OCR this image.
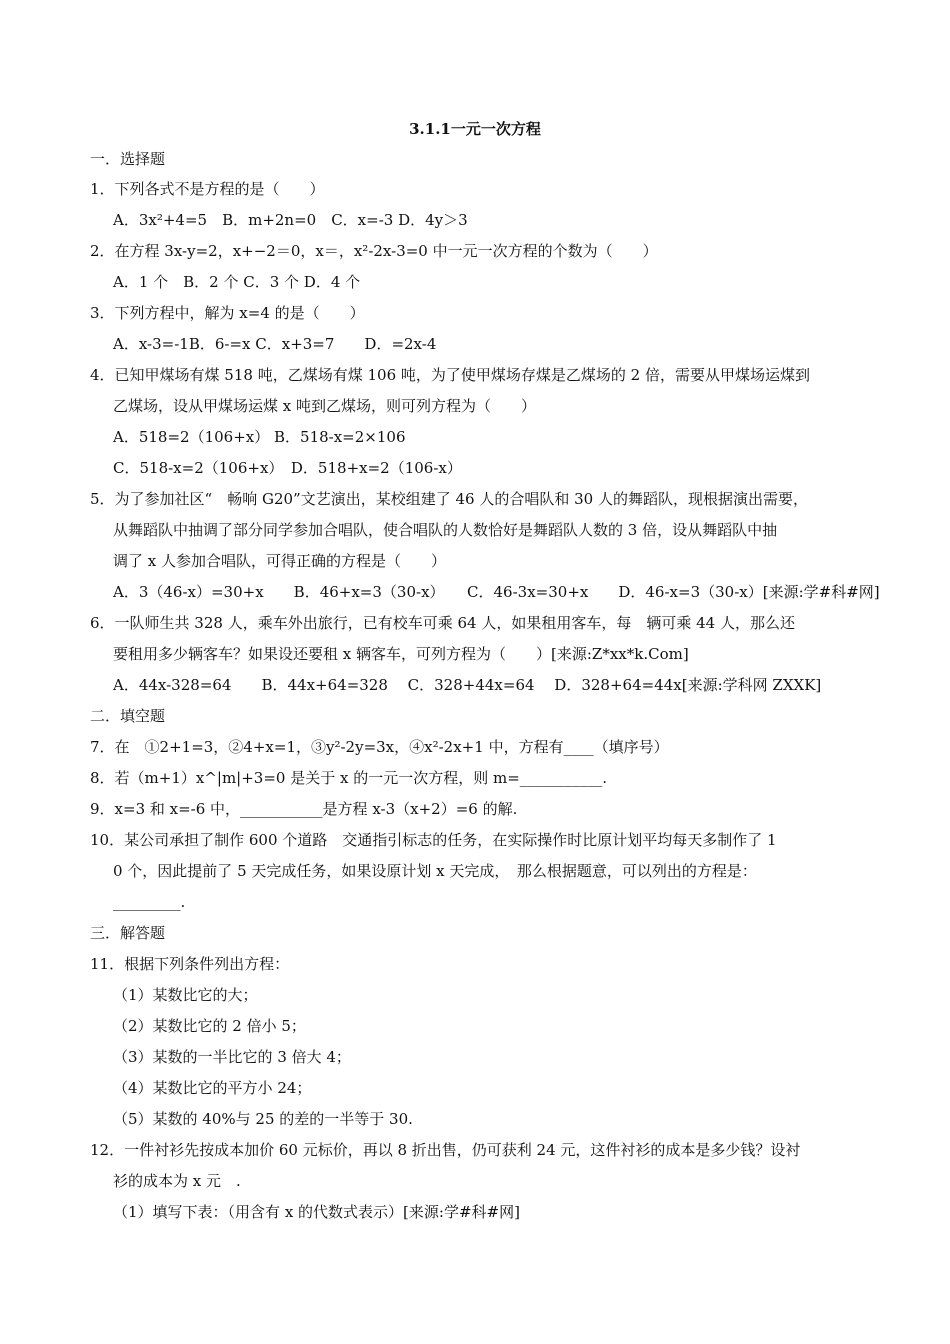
3.1.1一元一次方程
一．选择题
1．下列各式不是方程的是（　　）
A．3x²+4=5　B．m+2n=0　C．x=-3 D．4y＞3
2．在方程 3x-y=2，x+−2＝0，x＝，x²-2x-3=0 中一元一次方程的个数为（　　）
A．1 个　B．2 个 C．3 个 D．4 个
3．下列方程中，解为 x=4 的是（　　）
A．x-3=-1B．6-=x C．x+3=7　　D．=2x-4
4．已知甲煤场有煤 518 吨，乙煤场有煤 106 吨，为了使甲煤场存煤是乙煤场的 2 倍，需要从甲煤场运煤到
乙煤场，设从甲煤场运煤 x 吨到乙煤场，则可列方程为（　　）
A．518=2（106+x） B．518-x=2×106
C．518-x=2（106+x）　D．518+x=2（106-x）
5．为了参加社区“　畅响 G20”文艺演出，某校组建了 46 人的合唱队和 30 人的舞蹈队，现根据演出需要，
从舞蹈队中抽调了部分同学参加合唱队，使合唱队的人数恰好是舞蹈队人数的 3 倍，设从舞蹈队中抽
调了 x 人参加合唱队，可得正确的方程是（　　）
A．3（46-x）=30+x　　B．46+x=3（30-x）　　C．46-3x=30+x　　D．46-x=3（30-x）[来源:学#科#网]
6．一队师生共 328 人，乘车外出旅行，已有校车可乘 64 人，如果租用客车，每　辆可乘 44 人，那么还
要租用多少辆客车？如果设还要租 x 辆客车，可列方程为（　　）[来源:Z*xx*k.Com]
A．44x-328=64　　B．44x+64=328　 C．328+44x=64　 D．328+64=44x[来源:学科网 ZXXK]
二．填空题
7．在　①2+1=3，②4+x=1，③y²-2y=3x，④x²-2x+1 中，方程有____（填序号）
8．若（m+1）x^|m|+3=0 是关于 x 的一元一次方程，则 m=___________.
9．x=3 和 x=-6 中，___________是方程 x-3（x+2）=6 的解.
10．某公司承担了制作 600 个道路　交通指引标志的任务，在实际操作时比原计划平均每天多制作了 1
0 个，因此提前了 5 天完成任务，如果设原计划 x 天完成，　那么根据题意，可以列出的方程是：
_________.
三．解答题
11．根据下列条件列出方程：
（1）某数比它的大；
（2）某数比它的 2 倍小 5；
（3）某数的一半比它的 3 倍大 4；
（4）某数比它的平方小 24；
（5）某数的 40%与 25 的差的一半等于 30.
12．一件衬衫先按成本加价 60 元标价，再以 8 折出售，仍可获利 24 元，这件衬衫的成本是多少钱？设衬
衫的成本为 x 元　.
（1）填写下表：（用含有 x 的代数式表示）[来源:学#科#网]
